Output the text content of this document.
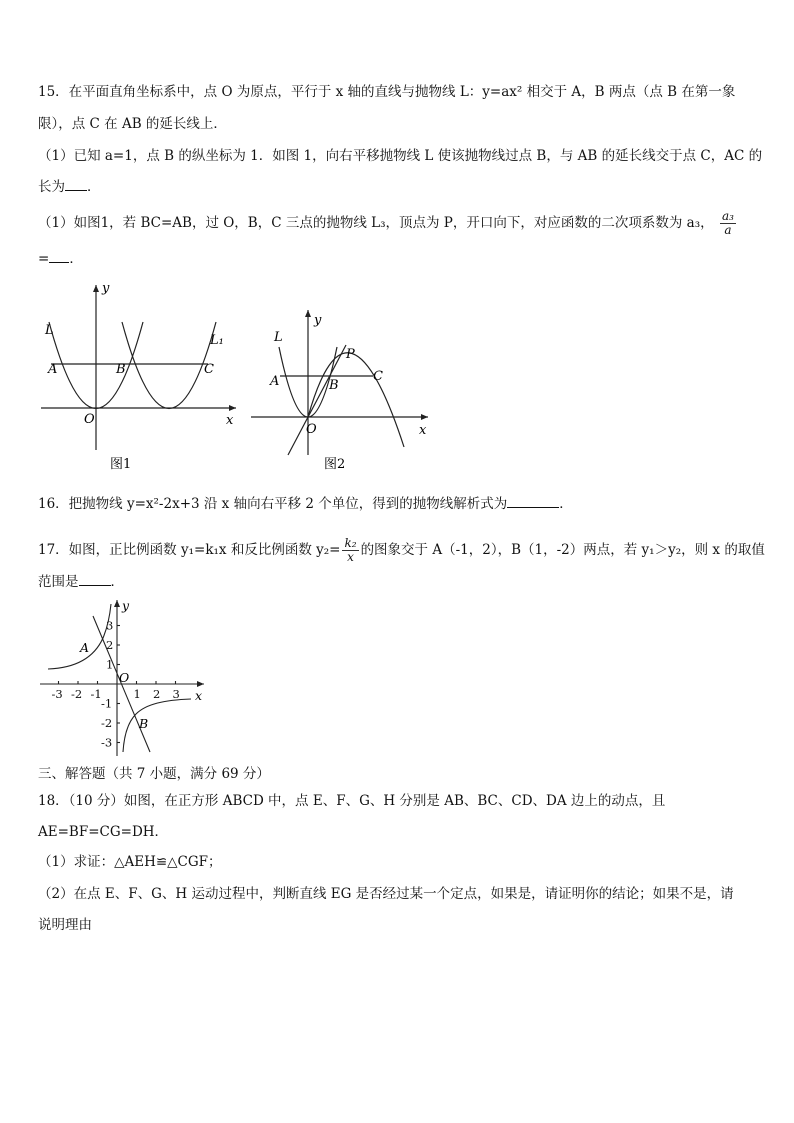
15．在平面直角坐标系中，点 O 为原点，平行于 x 轴的直线与抛物线 L：y=ax² 相交于 A，B 两点（点 B 在第一象
限），点 C 在 AB 的延长线上．
（1）已知 a=1，点 B 的纵坐标为 1．如图 1，向右平移抛物线 L 使该抛物线过点 B，与 AB 的延长线交于点 C，AC 的
长为 ．
（1）如图1，若 BC=AB，过 O，B，C 三点的抛物线 L₃，顶点为 P，开口向下，对应函数的二次项系数为 a₃， $\frac{\text{a₃}}{a}$
= ．
L
L₁
A	B	C
O	x
y
图1
L
A	B
C
P
O	x
y
图2
16．把抛物线 y=x²-2x+3 沿 x 轴向右平移 2 个单位，得到的抛物线解析式为	．
17．如图，正比例函数 y₁=k₁x 和反比例函数 $y_2= \frac{\text{k₂}}{x}$ 的图象交于 A（-1，2），B（1，-2）两点，若 y₁＞y₂，则 x 的取值
范围是 ．
-3 -2 -1	1 2 3
3
2
1
-1
-2
-3
A
B
O
x
y
三、解答题（共 7 小题，满分 69 分）
18．（10 分）如图，在正方形 ABCD 中，点 E、F、G、H 分别是 AB、BC、CD、DA 边上的动点，且
AE=BF=CG=DH．
（1）求证：△AEH≌△CGF；
（2）在点 E、F、G、H 运动过程中，判断直线 EG 是否经过某一个定点，如果是，请证明你的结论；如果不是，请
说明理由
